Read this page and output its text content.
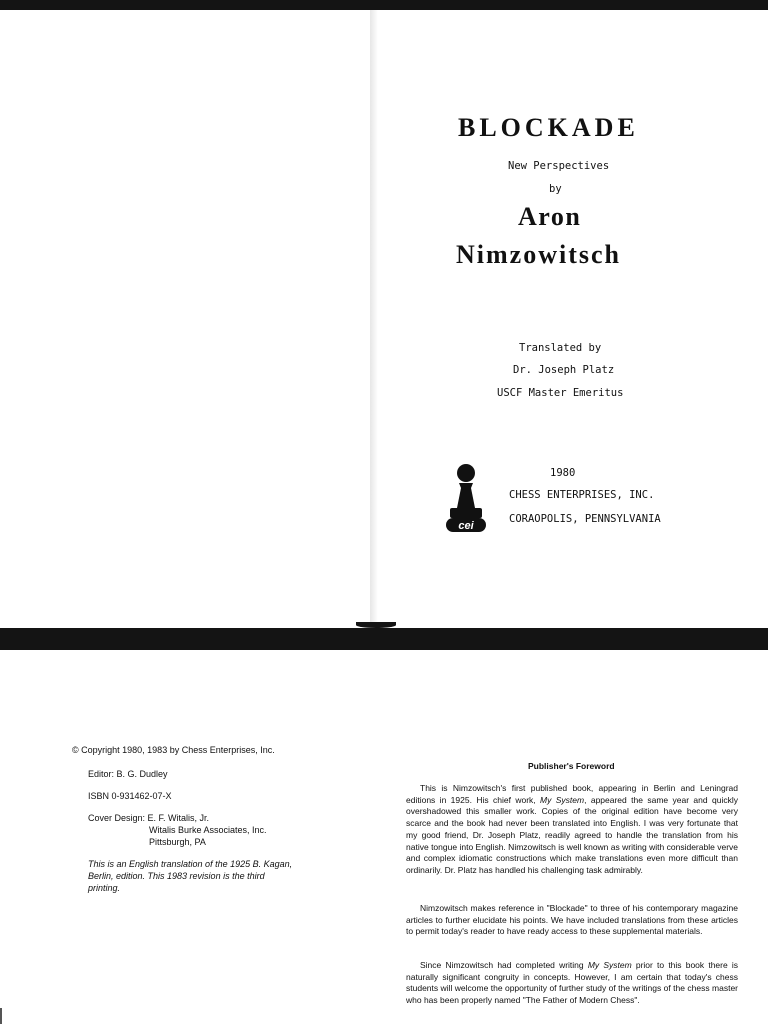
BLOCKADE
New Perspectives
by
Aron
Nimzowitsch
Translated by
Dr. Joseph Platz
USCF Master Emeritus
cei
1980
CHESS ENTERPRISES, INC.
CORAOPOLIS, PENNSYLVANIA
© Copyright 1980, 1983 by Chess Enterprises, Inc.
Editor: B. G. Dudley
ISBN 0-931462-07-X
Cover Design: E. F. Witalis, Jr.
Witalis Burke Associates, Inc.
Pittsburgh, PA
This is an English translation of the 1925 B. Kagan,
Berlin, edition. This 1983 revision is the third
printing.
Publisher's Foreword

This is Nimzowitsch's first published book, appearing in Berlin and Leningrad editions in 1925. His chief work, My System, appeared the same year and quickly overshadowed this smaller work. Copies of the original edition have become very scarce and the book had never been translated into English. I was very fortunate that my good friend, Dr. Joseph Platz, readily agreed to handle the translation from his native tongue into English. Nimzowitsch is well known as writing with considerable verve and complex idiomatic constructions which make translations even more difficult than ordinarily. Dr. Platz has handled his challenging task admirably.

Nimzowitsch makes reference in "Blockade" to three of his contemporary magazine articles to further elucidate his points. We have included translations from these articles to permit today's reader to have ready access to these supplemental materials.

Since Nimzowitsch had completed writing My System prior to this book there is naturally significant congruity in concepts. However, I am certain that today's chess students will welcome the opportunity of further study of the writings of the chess master who has been properly named "The Father of Modern Chess".
